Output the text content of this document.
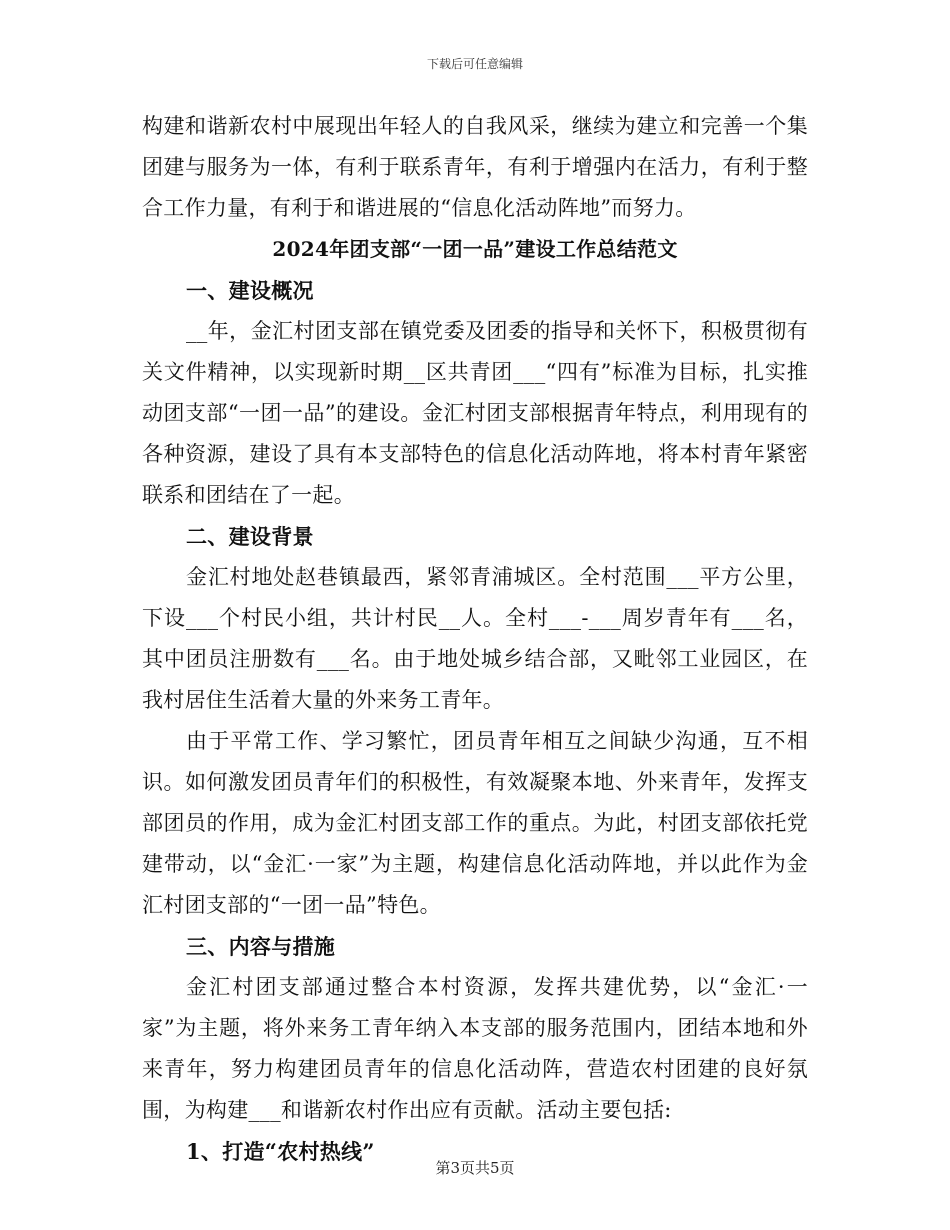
下载后可任意编辑

构建和谐新农村中展现出年轻人的自我风采，继续为建立和完善一个集团建与服务为一体，有利于联系青年，有利于增强内在活力，有利于整合工作力量，有利于和谐进展的“信息化活动阵地”而努力。

2024年团支部“一团一品”建设工作总结范文

一、建设概况

__年，金汇村团支部在镇党委及团委的指导和关怀下，积极贯彻有关文件精神，以实现新时期__区共青团___“四有”标准为目标，扎实推动团支部“一团一品”的建设。金汇村团支部根据青年特点，利用现有的各种资源，建设了具有本支部特色的信息化活动阵地，将本村青年紧密联系和团结在了一起。

二、建设背景

金汇村地处赵巷镇最西，紧邻青浦城区。全村范围___平方公里，下设___个村民小组，共计村民__人。全村___-___周岁青年有___名，其中团员注册数有___名。由于地处城乡结合部，又毗邻工业园区，在我村居住生活着大量的外来务工青年。

由于平常工作、学习繁忙，团员青年相互之间缺少沟通，互不相识。如何激发团员青年们的积极性，有效凝聚本地、外来青年，发挥支部团员的作用，成为金汇村团支部工作的重点。为此，村团支部依托党建带动，以“金汇·一家”为主题，构建信息化活动阵地，并以此作为金汇村团支部的“一团一品”特色。

三、内容与措施

金汇村团支部通过整合本村资源，发挥共建优势，以“金汇·一家”为主题，将外来务工青年纳入本支部的服务范围内，团结本地和外来青年，努力构建团员青年的信息化活动阵，营造农村团建的良好氛围，为构建___和谐新农村作出应有贡献。活动主要包括:

1、打造“农村热线”

第3页共5页
